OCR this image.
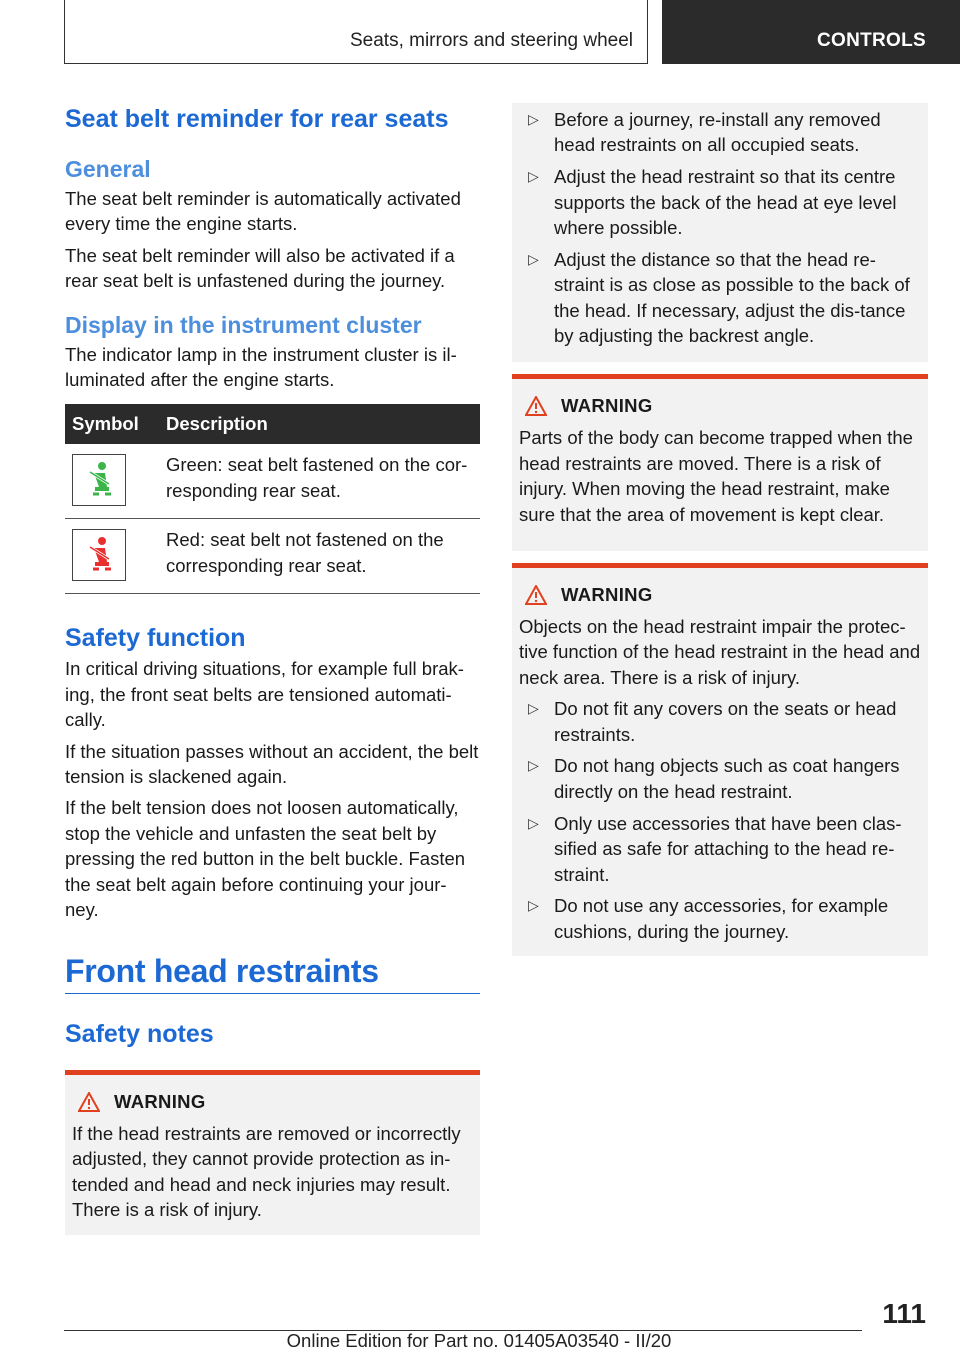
Seats, mirrors and steering wheel	CONTROLS
Seat belt reminder for rear seats
General

The seat belt reminder is automatically activated every time the engine starts.

The seat belt reminder will also be activated if a rear seat belt is unfastened during the journey.

Display in the instrument cluster

The indicator lamp in the instrument cluster is il-luminated after the engine starts.

Symbol	Description

	Green: seat belt fastened on the cor-responding rear seat.

	Red: seat belt not fastened on the corresponding rear seat.
Safety function

In critical driving situations, for example full brak-ing, the front seat belts are tensioned automati-cally.

If the situation passes without an accident, the belt tension is slackened again.

If the belt tension does not loosen automatically, stop the vehicle and unfasten the seat belt by pressing the red button in the belt buckle. Fasten the seat belt again before continuing your jour-ney.

Front head restraints
Safety notes
WARNING

If the head restraints are removed or incorrectly adjusted, they cannot provide protection as in-tended and head and neck injuries may result. There is a risk of injury.

▷ Before a journey, re-install any removed head restraints on all occupied seats.
▷ Adjust the head restraint so that its centre supports the back of the head at eye level where possible.
▷ Adjust the distance so that the head re-straint is as close as possible to the back of the head. If necessary, adjust the dis-tance by adjusting the backrest angle.
WARNING

Parts of the body can become trapped when the head restraints are moved. There is a risk of injury. When moving the head restraint, make sure that the area of movement is kept clear.

WARNING

Objects on the head restraint impair the protec-tive function of the head restraint in the head and neck area. There is a risk of injury.

▷ Do not fit any covers on the seats or head restraints.
▷ Do not hang objects such as coat hangers directly on the head restraint.
▷ Only use accessories that have been clas-sified as safe for attaching to the head re-straint.
▷ Do not use any accessories, for example cushions, during the journey.
111
Online Edition for Part no. 01405A03540 - II/20
